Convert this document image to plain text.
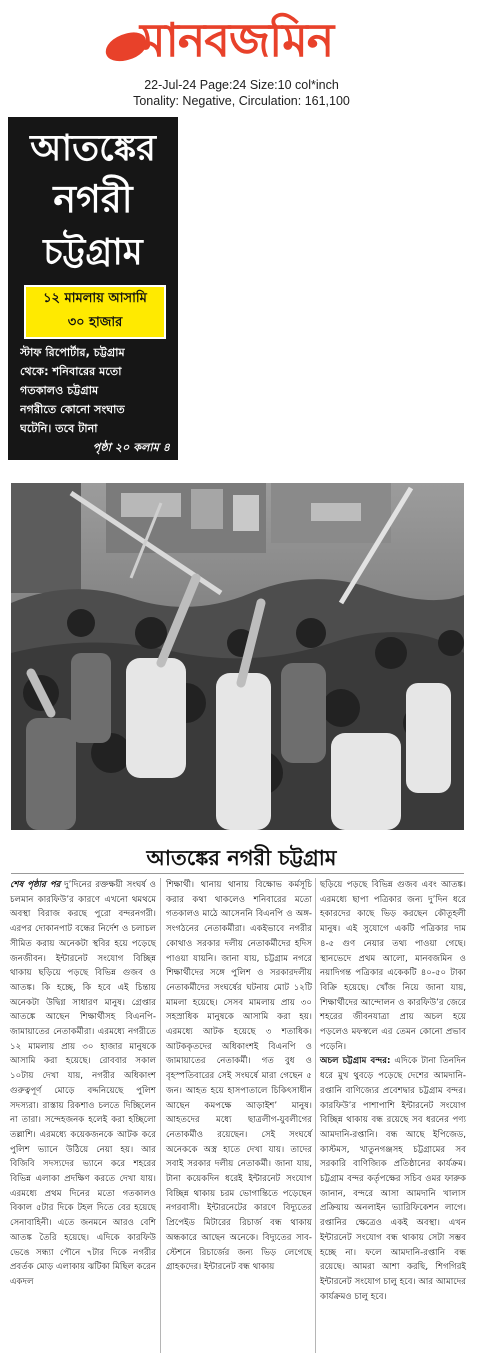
মানবজমিন
22-Jul-24 Page:24 Size:10 col*inch
Tonality: Negative, Circulation: 161,100
আতঙ্কের
নগরী
চট্টগ্রাম
১২ মামলায় আসামি
৩০ হাজার
স্টাফ রিপোর্টার, চট্টগ্রাম
থেকে: শনিবারের মতো
গতকালও চট্টগ্রাম
নগরীতে কোনো সংঘাত
ঘটেনি। তবে টানা
পৃষ্ঠা ২০ কলাম ৪
আতঙ্কের নগরী চট্টগ্রাম

শেষ পৃষ্ঠার পর দু’দিনের রক্তক্ষয়ী সংঘর্ষ ও চলমান কারফিউ’র কারণে এখনো থমথমে অবস্থা বিরাজ করছে পুরো বন্দরনগরী। এরপর দোকানপাট বন্ধের নির্দেশ ও চলাচল সীমিত করায় অনেকটা স্থবির হয়ে পড়েছে জনজীবন। ইন্টারনেট সংযোগ বিচ্ছিন্ন থাকায় ছড়িয়ে পড়ছে বিভিন্ন গুজব ও আতঙ্ক। কি হচ্ছে, কি হবে এই চিন্তায় অনেকটা উদ্বিগ্ন সাধারণ মানুষ। গ্রেপ্তার আতঙ্কে আছেন শিক্ষার্থীসহ বিএনপি-জামায়াতের নেতাকর্মীরা। এরমধ্যে নগরীতে ১২ মামলায় প্রায় ৩০ হাজার মানুষকে আসামি করা হয়েছে। রোববার সকাল ১০টায় দেখা যায়, নগরীর অধিকাংশ গুরুত্বপূর্ণ মোড়ে বদ্দনিয়েছে পুলিশ সদস্যরা। রাস্তায় রিকশাও চলতে দিচ্ছিলেন না তারা। সন্দেহজনক হলেই করা হচ্ছিলো তল্লাশি। এরমধ্যে কয়েকজনকে আটক করে পুলিশ ভ্যানে উঠিয়ে নেয়া হয়। আর বিজিবি সদস্যদের ভ্যানে করে শহরের বিভিন্ন এলাকা প্রদক্ষিণ করতে দেখা যায়। এরমধ্যে প্রথম দিনের মতো গতকালও বিকাল ৫টার দিকে টহল দিতে বের হয়েছে সেনাবাহিনী। এতে জনমনে আরও বেশি আতঙ্ক তৈরি হয়েছে। এদিকে কারফিউ ভেঙে সন্ধ্যা পৌনে ৭টার দিকে নগরীর প্রবর্তক মোড় এলাকায় ঝটিকা মিছিল করেন একদল

শিক্ষার্থী। থানায় থানায় বিক্ষোভ কর্মসূচি করার কথা থাকলেও শনিবারের মতো গতকালও মাঠে আসেননি বিএনপি ও অঙ্গ-সংগঠনের নেতাকর্মীরা। একইভাবে নগরীর কোথাও সরকার দলীয় নেতাকর্মীদের হদিস পাওয়া যায়নি। জানা যায়, চট্টগ্রাম নগরে শিক্ষার্থীদের সঙ্গে পুলিশ ও সরকারদলীয় নেতাকর্মীদের সংঘর্ষের ঘটনায় মোট ১২টি মামলা হয়েছে। সেসব মামলায় প্রায় ৩০ সহস্রাধিক মানুষকে আসামি করা হয়। এরমধ্যে আটক হয়েছে ৩ শতাধিক। আটককৃতদের অধিকাংশই বিএনপি ও জামায়াতের নেতাকর্মী। গত বুধ ও বৃহস্পতিবারের সেই সংঘর্ষে মারা গেছেন ৫ জন। আহত হয়ে হাসপাতালে চিকিৎসাধীন আছেন কমপক্ষে আড়াইশ’ মানুষ। আহতদের মধ্যে ছাত্রলীগ-যুবলীগের নেতাকর্মীও রয়েছেন। সেই সংঘর্ষে অনেককে অস্ত্র হাতে দেখা যায়। তাদের সবাই সরকার দলীয় নেতাকর্মী। জানা যায়, টানা কয়েকদিন ধরেই ইন্টারনেট সংযোগ বিচ্ছিন্ন থাকায় চরম ভোগান্তিতে পড়েছেন নগরবাসী। ইন্টারনেটের কারণে বিদ্যুতের প্রিপেইড মিটারের রিচার্জ বন্ধ থাকায় অন্ধকারে আছেন অনেকে। বিদ্যুতের সাব-স্টেশনে রিচার্জের জন্য ভিড় লেগেছে গ্রাহকদের। ইন্টারনেট বন্ধ থাকায়

ছড়িয়ে পড়ছে বিভিন্ন গুজব এবং আতঙ্ক। এরমধ্যে ছাপা পত্রিকার জন্য দু’দিন ধরে হকারদের কাছে ভিড় করছেন কৌতূহলী মানুষ। এই সুযোগে একটি পত্রিকার দাম ৪-৫ গুণ নেয়ার তথ্য পাওয়া গেছে। স্থানভেদে প্রথম আলো, মানবজমিন ও নয়াদিগন্ত পত্রিকার একেকটি ৪০-৫০ টাকা বিক্রি হয়েছে। খোঁজ নিয়ে জানা যায়, শিক্ষার্থীদের আন্দোলন ও কারফিউ’র জেরে শহরের জীবনযাত্রা প্রায় অচল হয়ে পড়লেও মফস্বলে এর তেমন কোনো প্রভাব পড়েনি।

অচল চট্টগ্রাম বন্দর: এদিকে টানা তিনদিন ধরে মুখ থুবড়ে পড়েছে দেশের আমদানি-রপ্তানি বাণিজ্যের প্রবেশদ্বার চট্টগ্রাম বন্দর। কারফিউ’র পাশাপাশি ইন্টারনেট সংযোগ বিচ্ছিন্ন থাকায় বন্ধ রয়েছে সব ধরনের পণ্য আমদানি-রপ্তানি। বন্ধ আছে ইপিজেড, কাস্টমস, খাতুনগঞ্জসহ চট্টগ্রামের সব সরকারি বাণিজ্যিক প্রতিষ্ঠানের কার্যক্রম। চট্টগ্রাম বন্দর কর্তৃপক্ষের সচিব ওমর ফারুক জানান, বন্দরে আসা আমদানি খালাস প্রক্রিয়ায় অনলাইন ভ্যারিফিকেশন লাগে। রপ্তানির ক্ষেত্রেও একই অবস্থা। এখন ইন্টারনেট সংযোগ বন্ধ থাকায় সেটা সম্ভব হচ্ছে না। ফলে আমদানি-রপ্তানি বন্ধ রয়েছে। আমরা আশা করছি, শিগগিরই ইন্টারনেট সংযোগ চালু হবে। আর আমাদের কার্যক্রমও চালু হবে।
